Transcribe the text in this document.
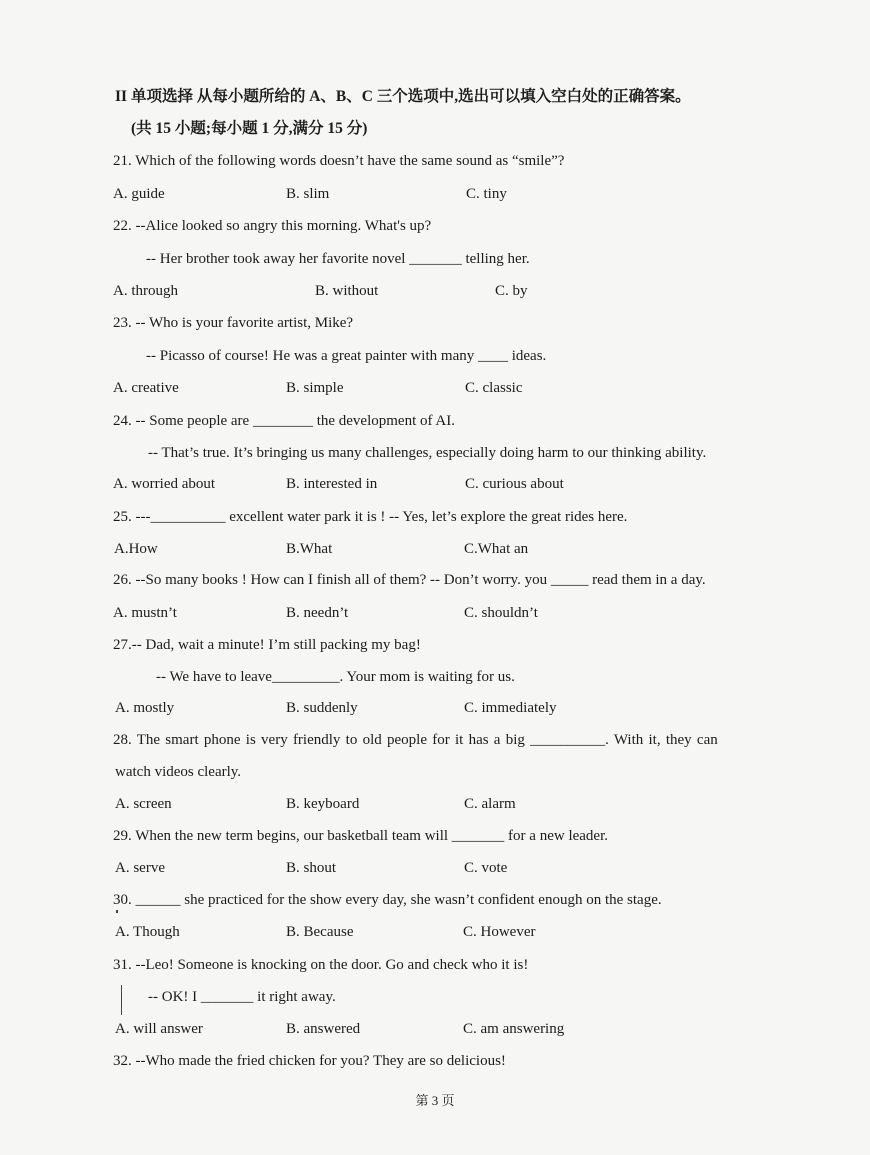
II 单项选择 从每小题所给的 A、B、C 三个选项中,选出可以填入空白处的正确答案。
(共 15 小题;每小题 1 分,满分 15 分)
21. Which of the following words doesn’t have the same sound as “smile”?
A. guide	B. slim	C. tiny
22. --Alice looked so angry this morning. What's up?
-- Her brother took away her favorite novel _______ telling her.
A. through	B. without	C. by
23. -- Who is your favorite artist, Mike?
-- Picasso of course! He was a great painter with many ____ ideas.
A. creative	B. simple	C. classic
24. -- Some people are ________ the development of AI.
-- That’s true. It’s bringing us many challenges, especially doing harm to our thinking ability.
A. worried about	B. interested in	C. curious about
25. ---__________ excellent water park it is ! -- Yes, let’s explore the great rides here.
A.How	B.What	C.What an
26. --So many books ! How can I finish all of them? -- Don’t worry. you _____ read them in a day.
A. mustn’t	B. needn’t	C. shouldn’t
27.-- Dad, wait a minute! I’m still packing my bag!
-- We have to leave_________. Your mom is waiting for us.
A. mostly	B. suddenly	C. immediately
28. The smart phone is very friendly to old people for it has a big __________. With it, they can
watch videos clearly.
A. screen	B. keyboard	C. alarm
29. When the new term begins, our basketball team will _______ for a new leader.
A. serve	B. shout	C. vote
30. ______ she practiced for the show every day, she wasn’t confident enough on the stage.
A. Though	B. Because	C. However
31. --Leo! Someone is knocking on the door. Go and check who it is!
-- OK! I _______ it right away.
A. will answer	B. answered	C. am answering
32. --Who made the fried chicken for you? They are so delicious!
第 3 页
